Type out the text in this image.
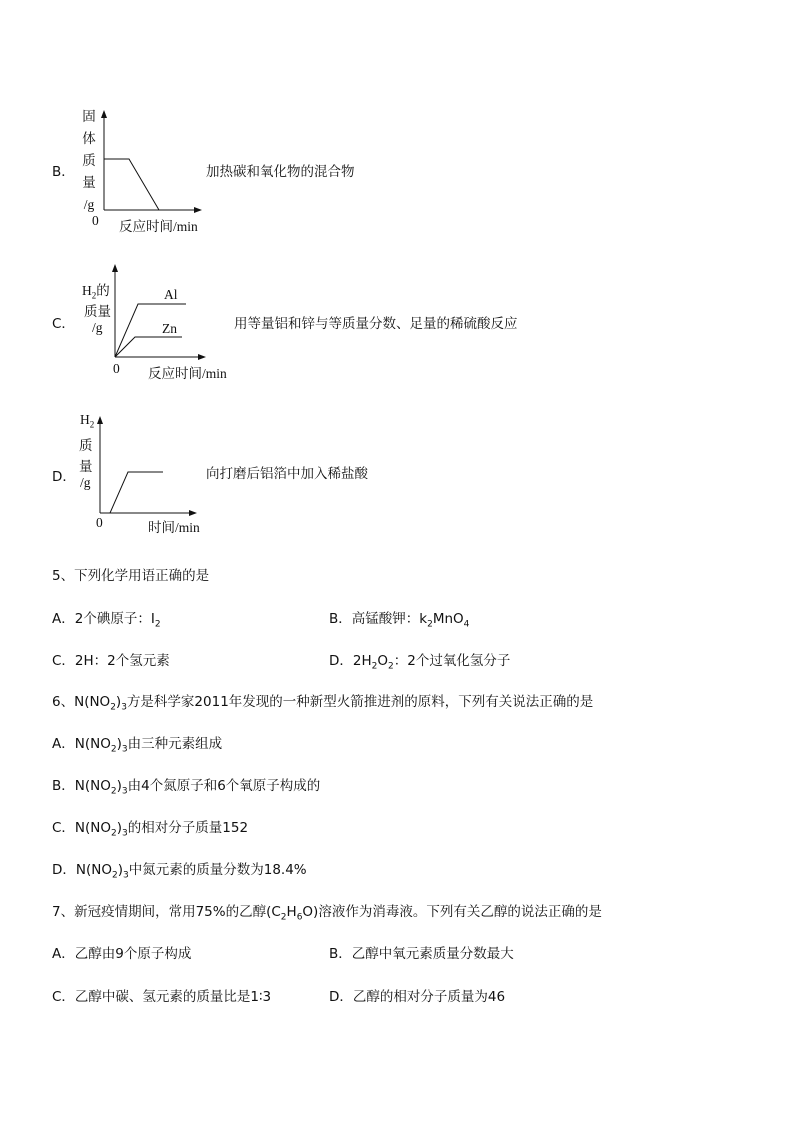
B．
固
体
质
量
/g
0 反应时间/min
加热碳和氧化物的混合物
C．
$H_2$的
质量
/g
Al
Zn
0 反应时间/min
用等量铝和锌与等质量分数、足量的稀硫酸反应
D．
$H_2$
质
量
/g
0	时间/min
向打磨后铝箔中加入稀盐酸
5、下列化学用语正确的是
A．2个碘原子：$I_2$	B．高锰酸钾：$k_2MnO_4$
C．2H：2个氢元素	D．$2H_2O_2$：2个过氧化氢分子
6、$N(NO_2)_3$方是科学家2011年发现的一种新型火箭推进剂的原料，下列有关说法正确的是
A．$N(NO_2)_3$由三种元素组成
B．$N(NO_2)_3$由4个氮原子和6个氧原子构成的
C．$N(NO_2)_3$的相对分子质量152
D．$N(NO_2)_3$中氮元素的质量分数为18.4%
7、新冠疫情期间，常用75%的乙醇$(C_2H_6O)$溶液作为消毒液。下列有关乙醇的说法正确的是
A．乙醇由9个原子构成	B．乙醇中氧元素质量分数最大
C．乙醇中碳、氢元素的质量比是1∶3	D．乙醇的相对分子质量为46
